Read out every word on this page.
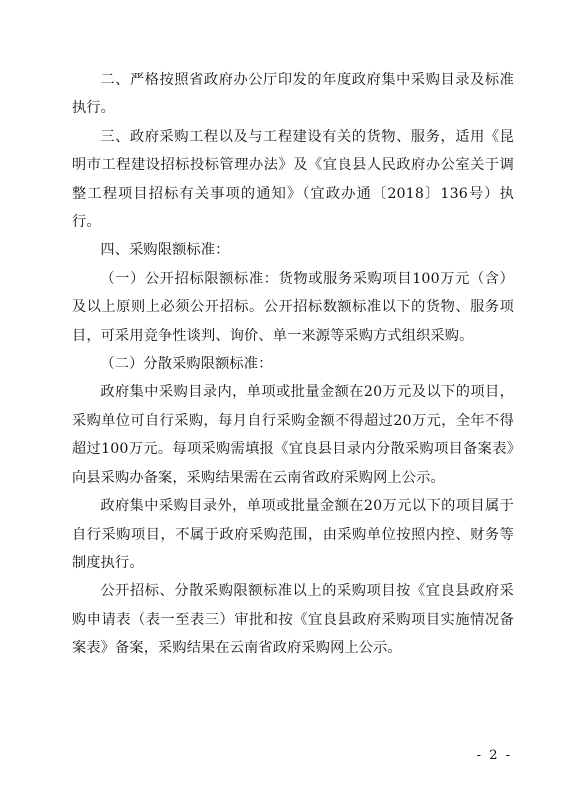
二、严格按照省政府办公厅印发的年度政府集中采购目录及标准执行。

三、政府采购工程以及与工程建设有关的货物、服务，适用《昆明市工程建设招标投标管理办法》及《宜良县人民政府办公室关于调整工程项目招标有关事项的通知》（宜政办通〔2018〕136号）执行。

四、采购限额标准：

（一）公开招标限额标准：货物或服务采购项目100万元（含）及以上原则上必须公开招标。公开招标数额标准以下的货物、服务项目，可采用竞争性谈判、询价、单一来源等采购方式组织采购。

（二）分散采购限额标准：

政府集中采购目录内，单项或批量金额在20万元及以下的项目，采购单位可自行采购，每月自行采购金额不得超过20万元，全年不得超过100万元。每项采购需填报《宜良县目录内分散采购项目备案表》向县采购办备案，采购结果需在云南省政府采购网上公示。

政府集中采购目录外，单项或批量金额在20万元以下的项目属于自行采购项目，不属于政府采购范围，由采购单位按照内控、财务等制度执行。

公开招标、分散采购限额标准以上的采购项目按《宜良县政府采购申请表（表一至表三）审批和按《宜良县政府采购项目实施情况备案表》备案，采购结果在云南省政府采购网上公示。

- 2 -
